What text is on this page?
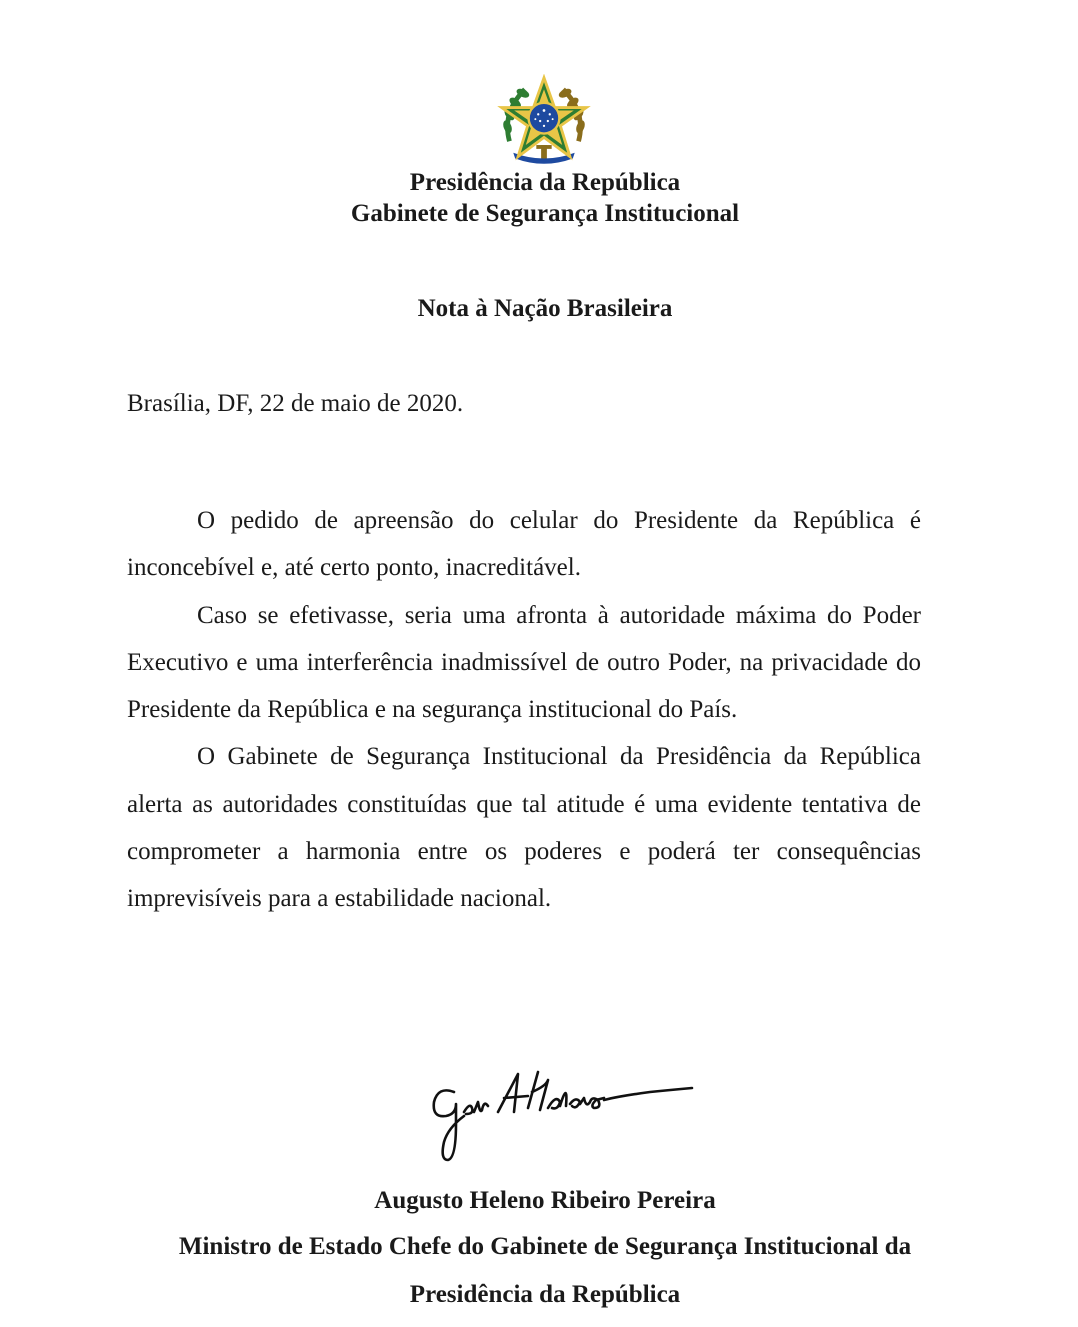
Presidência da República
Gabinete de Segurança Institucional
Nota à Nação Brasileira
Brasília, DF, 22 de maio de 2020.

O pedido de apreensão do celular do Presidente da República é inconcebível e, até certo ponto, inacreditável.

Caso se efetivasse, seria uma afronta à autoridade máxima do Poder Executivo e uma interferência inadmissível de outro Poder, na privacidade do Presidente da República e na segurança institucional do País.

O Gabinete de Segurança Institucional da Presidência da República alerta as autoridades constituídas que tal atitude é uma evidente tentativa de comprometer a harmonia entre os poderes e poderá ter consequências imprevisíveis para a estabilidade nacional.

Augusto Heleno Ribeiro Pereira
Ministro de Estado Chefe do Gabinete de Segurança Institucional da
Presidência da República
